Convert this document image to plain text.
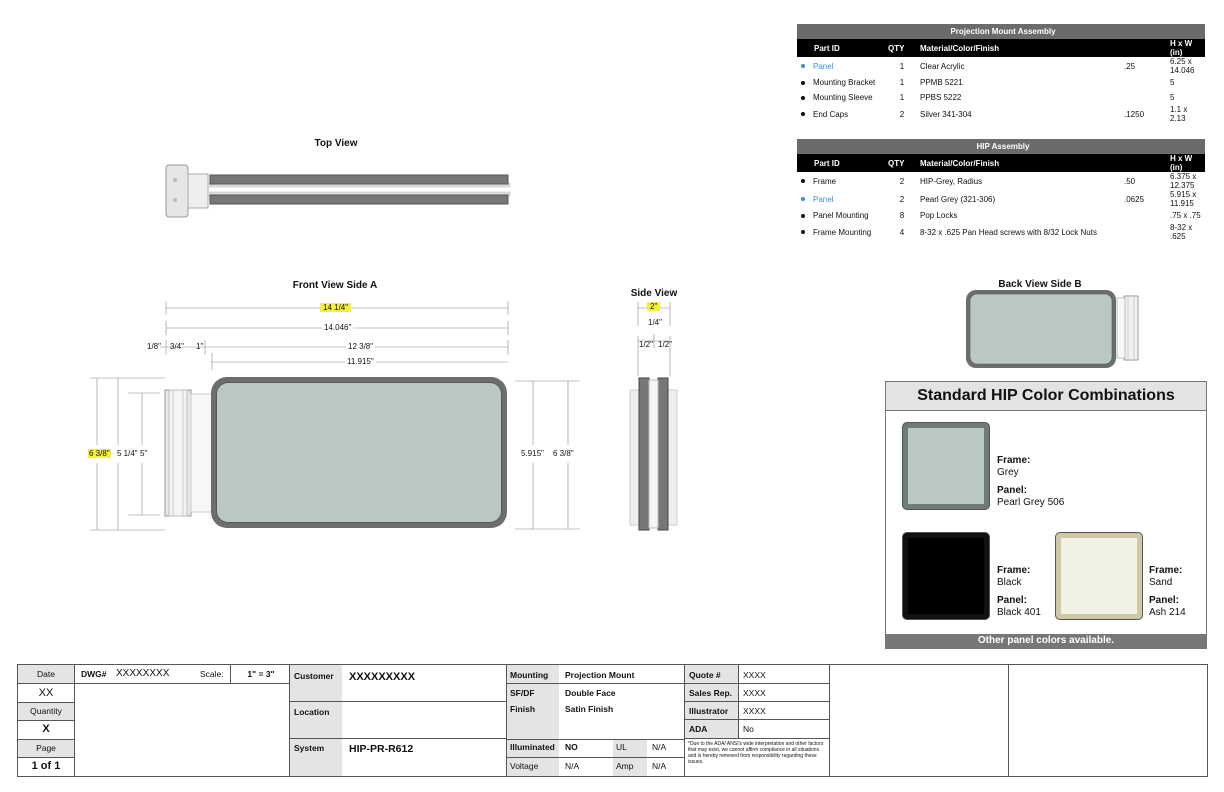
Projection Mount Assembly				
Part ID	QTY	Material/Color/Finish		H x W (in)
Panel	1	Clear Acrylic	.25	6.25 x 14.046
Mounting Bracket	1	PPMB 5221		5
Mounting Sleeve	1	PPBS 5222		5
End Caps	2	Silver 341-304	.1250	1.1 x 2.13
HIP Assembly				
Part ID	QTY	Material/Color/Finish		H x W (in)
Frame	2	HIP-Grey, Radius	.50	6.375 x 12.375
Panel	2	Pearl Grey (321-306)	.0625	5.915 x 11.915
Panel Mounting	8	Pop Locks		.75 x .75
Frame Mounting	4	8-32 x .625 Pan Head screws with 8/32 Lock Nuts		8-32 x .625
Top View
Front View Side A
14 1/4"
14.046"
1/8" 3/4" 1"	12 3/8"
11.915"
6 3/8" 5 1/4" 5"	5.915" 6 3/8"
Side View
2"
1/4"
1/2" 1/2"
Back View Side B
Standard HIP Color Combinations
Frame:
Grey
Panel:
Pearl Grey 506
Frame:
Black
Panel:
Black 401
Frame:
Sand
Panel:
Ash 214
Other panel colors available.
Date
XX
Quantity
X
Page
1 of 1
DWG# XXXXXXXX	Scale:	1" = 3"	Customer XXXXXXXXX
Location
System HIP-PR-R612
Mounting Projection Mount
SF/DF	Double Face
Finish	Satin Finish
Illuminated NO	UL	N/A
Voltage	N/A	Amp N/A
Quote #	XXXX
Sales Rep. XXXX
Illustrator XXXX
ADA	No
*Due to the ADA/ ANSI's wide interpretation and other factors that may exist, we cannot affirm compliance in all situations and is hereby removed from responsibility regarding these issues.
